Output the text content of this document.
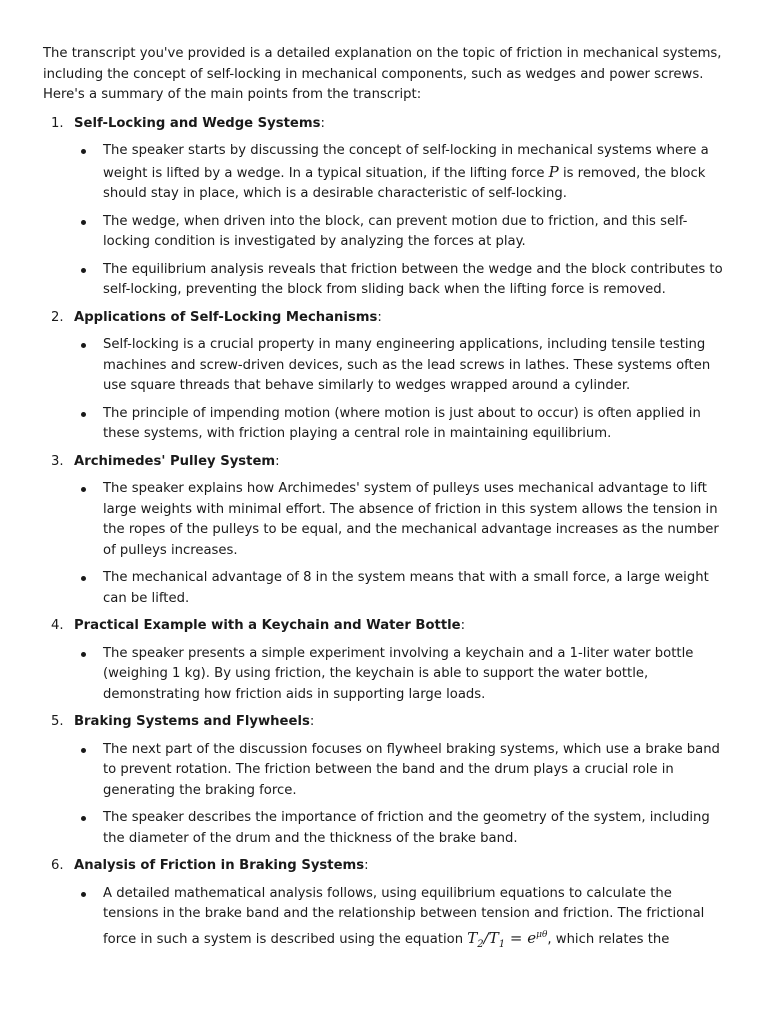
The transcript you've provided is a detailed explanation on the topic of friction in mechanical systems, including the concept of self-locking in mechanical components, such as wedges and power screws. Here's a summary of the main points from the transcript:

1. Self-Locking and Wedge Systems:
The speaker starts by discussing the concept of self-locking in mechanical systems where a weight is lifted by a wedge. In a typical situation, if the lifting force P is removed, the block should stay in place, which is a desirable characteristic of self-locking.
The wedge, when driven into the block, can prevent motion due to friction, and this self-locking condition is investigated by analyzing the forces at play.
The equilibrium analysis reveals that friction between the wedge and the block contributes to self-locking, preventing the block from sliding back when the lifting force is removed.
2. Applications of Self-Locking Mechanisms:
Self-locking is a crucial property in many engineering applications, including tensile testing machines and screw-driven devices, such as the lead screws in lathes. These systems often use square threads that behave similarly to wedges wrapped around a cylinder.
The principle of impending motion (where motion is just about to occur) is often applied in these systems, with friction playing a central role in maintaining equilibrium.
3. Archimedes' Pulley System:
The speaker explains how Archimedes' system of pulleys uses mechanical advantage to lift large weights with minimal effort. The absence of friction in this system allows the tension in the ropes of the pulleys to be equal, and the mechanical advantage increases as the number of pulleys increases.
The mechanical advantage of 8 in the system means that with a small force, a large weight can be lifted.
4. Practical Example with a Keychain and Water Bottle:
The speaker presents a simple experiment involving a keychain and a 1-liter water bottle (weighing 1 kg). By using friction, the keychain is able to support the water bottle, demonstrating how friction aids in supporting large loads.
5. Braking Systems and Flywheels:
The next part of the discussion focuses on flywheel braking systems, which use a brake band to prevent rotation. The friction between the band and the drum plays a crucial role in generating the braking force.
The speaker describes the importance of friction and the geometry of the system, including the diameter of the drum and the thickness of the brake band.
6. Analysis of Friction in Braking Systems:
A detailed mathematical analysis follows, using equilibrium equations to calculate the tensions in the brake band and the relationship between tension and friction. The frictional force in such a system is described using the equation $T_2/T_1 = e^{\mu\theta}$, which relates the
